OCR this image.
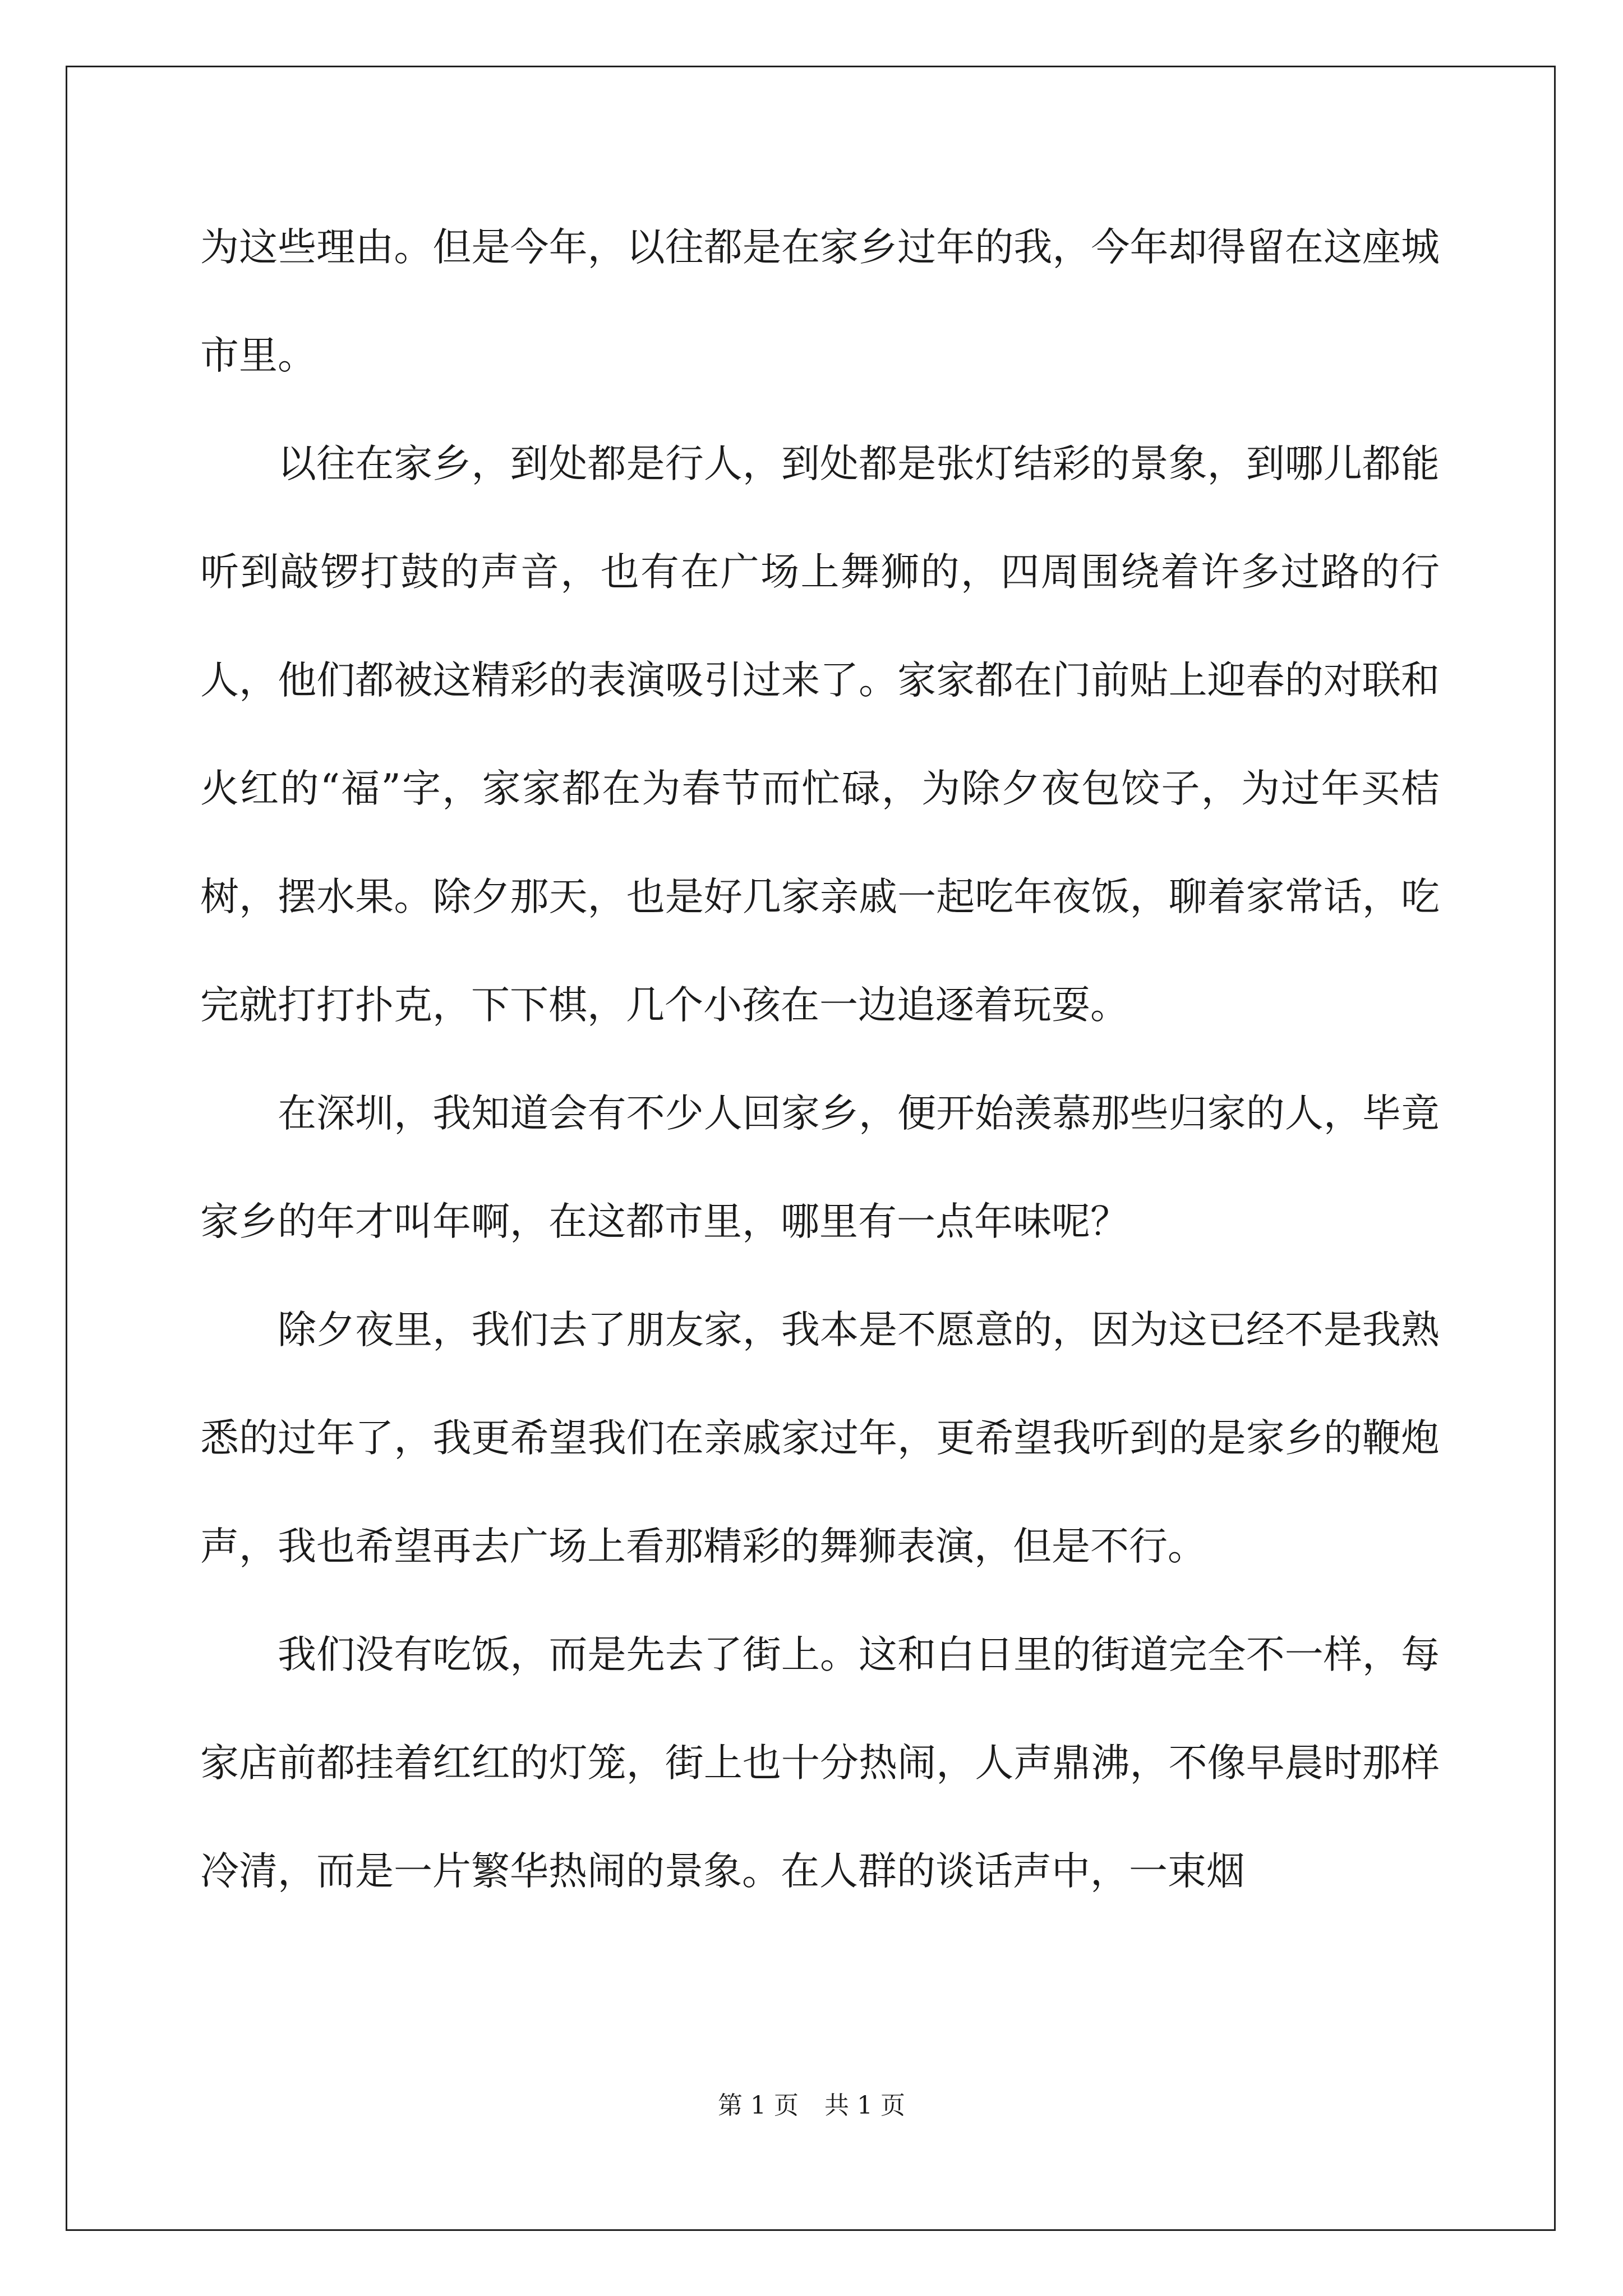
为这些理由。但是今年，以往都是在家乡过年的我，今年却得留在这座城市里。

以往在家乡，到处都是行人，到处都是张灯结彩的景象，到哪儿都能听到敲锣打鼓的声音，也有在广场上舞狮的，四周围绕着许多过路的行人，他们都被这精彩的表演吸引过来了。家家都在门前贴上迎春的对联和火红的“福”字，家家都在为春节而忙碌，为除夕夜包饺子，为过年买桔树，摆水果。除夕那天，也是好几家亲戚一起吃年夜饭，聊着家常话，吃完就打打扑克，下下棋，几个小孩在一边追逐着玩耍。

在深圳，我知道会有不少人回家乡，便开始羡慕那些归家的人，毕竟家乡的年才叫年啊，在这都市里，哪里有一点年味呢？

除夕夜里，我们去了朋友家，我本是不愿意的，因为这已经不是我熟悉的过年了，我更希望我们在亲戚家过年，更希望我听到的是家乡的鞭炮声，我也希望再去广场上看那精彩的舞狮表演，但是不行。

我们没有吃饭，而是先去了街上。这和白日里的街道完全不一样，每家店前都挂着红红的灯笼，街上也十分热闹，人声鼎沸，不像早晨时那样冷清，而是一片繁华热闹的景象。在人群的谈话声中，一束烟

第 1 页 共 1 页
